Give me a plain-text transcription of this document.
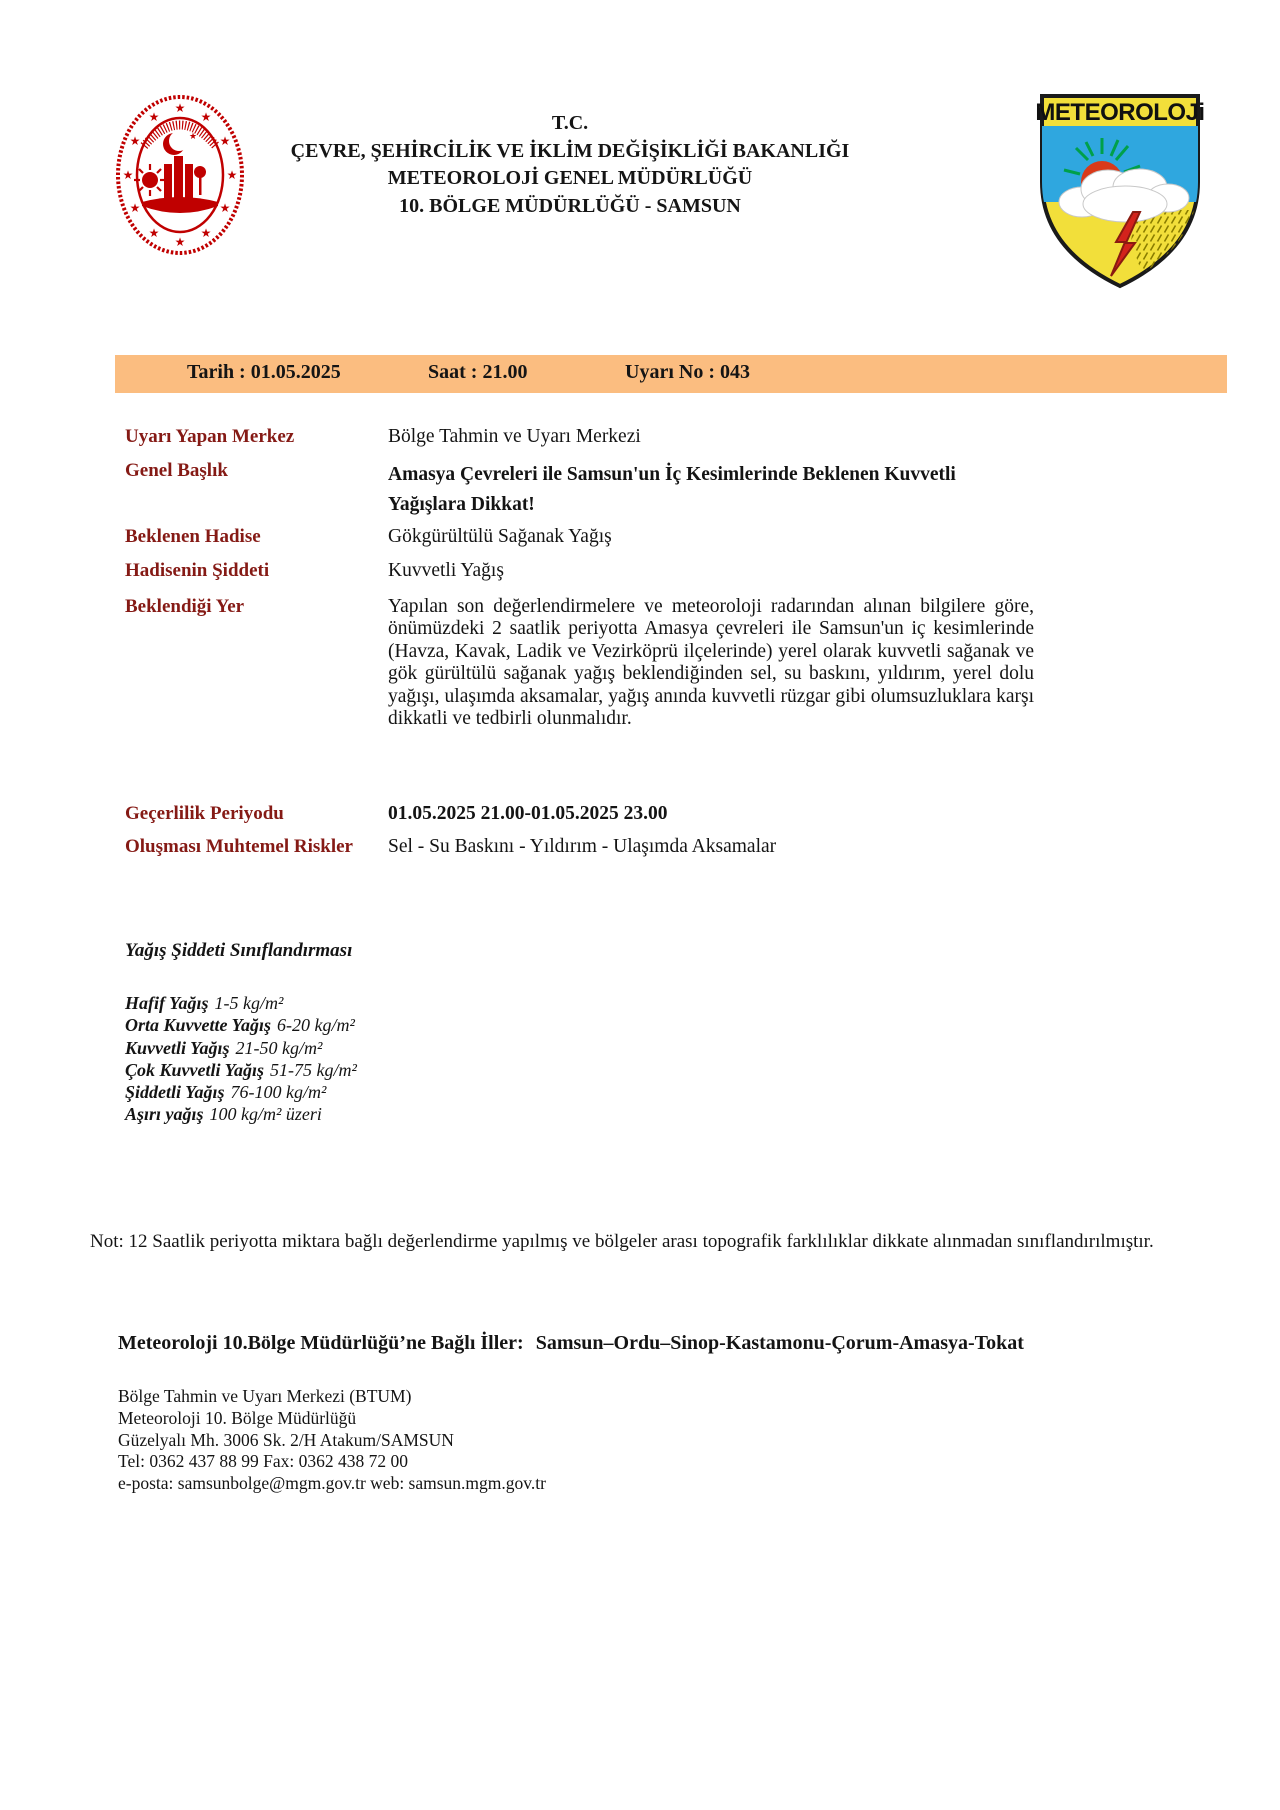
★
★
★
★
★
★
★
★
★
★
★
★
★
T.C.
ÇEVRE, ŞEHİRCİLİK VE İKLİM DEĞİŞİKLİĞİ BAKANLIĞI
METEOROLOJİ GENEL MÜDÜRLÜĞÜ
10. BÖLGE MÜDÜRLÜĞÜ - SAMSUN
METEOROLOJi
Tarih : 01.05.2025	Saat : 21.00	Uyarı No : 043
Uyarı Yapan Merkez	Bölge Tahmin ve Uyarı Merkezi
Genel Başlık	Amasya Çevreleri ile Samsun'un İç Kesimlerinde Beklenen Kuvvetli Yağışlara Dikkat!
Beklenen Hadise	Gökgürültülü Sağanak Yağış
Hadisenin Şiddeti	Kuvvetli Yağış
Beklendiği Yer	Yapılan son değerlendirmelere ve meteoroloji radarından alınan bilgilere göre, önümüzdeki 2 saatlik periyotta Amasya çevreleri ile Samsun'un iç kesimlerinde (Havza, Kavak, Ladik ve Vezirköprü ilçelerinde) yerel olarak kuvvetli sağanak ve gök gürültülü sağanak yağış beklendiğinden sel, su baskını, yıldırım, yerel dolu yağışı, ulaşımda aksamalar, yağış anında kuvvetli rüzgar gibi olumsuzluklara karşı dikkatli ve tedbirli olunmalıdır.
Geçerlilik Periyodu	01.05.2025 21.00-01.05.2025 23.00
Oluşması Muhtemel Riskler Sel - Su Baskını - Yıldırım - Ulaşımda Aksamalar
Yağış Şiddeti Sınıflandırması
Hafif Yağış 1-5 kg/m²
Orta Kuvvette Yağış 6-20 kg/m²
Kuvvetli Yağış 21-50 kg/m²
Çok Kuvvetli Yağış 51-75 kg/m²
Şiddetli Yağış 76-100 kg/m²
Aşırı yağış 100 kg/m² üzeri
Not: 12 Saatlik periyotta miktara bağlı değerlendirme yapılmış ve bölgeler arası topografik farklılıklar dikkate alınmadan sınıflandırılmıştır.
Meteoroloji 10.Bölge Müdürlüğü’ne Bağlı İller: Samsun–Ordu–Sinop-Kastamonu-Çorum-Amasya-Tokat
Bölge Tahmin ve Uyarı Merkezi (BTUM)
Meteoroloji 10. Bölge Müdürlüğü
Güzelyalı Mh. 3006 Sk. 2/H Atakum/SAMSUN
Tel: 0362 437 88 99 Fax: 0362 438 72 00
e-posta: samsunbolge@mgm.gov.tr web: samsun.mgm.gov.tr
